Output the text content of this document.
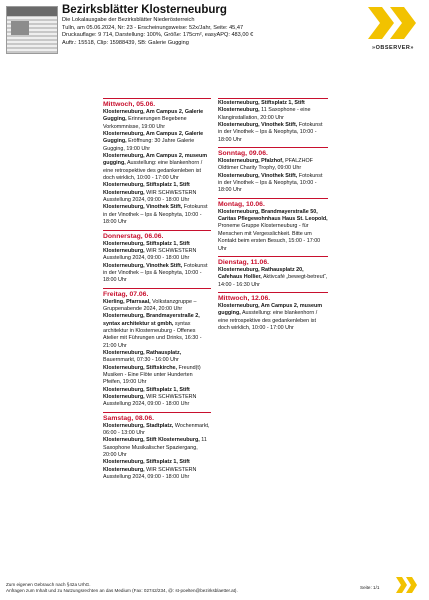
Bezirksblätter Klosterneuburg
Die Lokalausgabe der Bezirksblätter Niederösterreich
Tulln, am 05.06.2024, Nr: 23 - Erscheinungsweise: 52x/Jahr, Seite: 45,47
Druckauflage: 9 714, Darstellung: 100%, Größe: 175cm², easyAPQ: 483,00 €
Auftr.: 15518, Clip: 15988439, SB: Galerie Gugging
»OBSERVER»
Mittwoch, 05.06.

Klosterneuburg, Am Campus 2, Galerie Gugging, Erinnerungen Begebene Vorkommnisse, 19:00 Uhr

Klosterneuburg, Am Campus 2, Galerie Gugging, Eröffnung: 30 Jahre Galerie Gugging, 19:00 Uhr

Klosterneuburg, Am Campus 2, museum gugging, Ausstellung: eine blankenhorn / eine retrospektive des gedankenleben ist doch wirklich, 10:00 - 17:00 Uhr

Klosterneuburg, Stiftsplatz 1, Stift Klosterneuburg, WIR SCHWESTERN Ausstellung 2024, 09:00 - 18:00 Uhr

Klosterneuburg, Vinothek Stift, Fotokunst in der Vinothek – Ips & Neophyta, 10:00 - 18:00 Uhr

Donnerstag, 06.06.

Klosterneuburg, Stiftsplatz 1, Stift Klosterneuburg, WIR SCHWESTERN Ausstellung 2024, 09:00 - 18:00 Uhr

Klosterneuburg, Vinothek Stift, Fotokunst in der Vinothek – Ips & Neophyta, 10:00 - 18:00 Uhr

Freitag, 07.06.

Kierling, Pfarrsaal, Volkstanzgruppe – Gruppenabende 2024, 20:00 Uhr

Klosterneuburg, Brandmayerstraße 2, syntax architektur st gmbh, syntax architektur in Klosterneuburg - Offenes Atelier mit Führungen und Drinks, 16:30 - 21:00 Uhr

Klosterneuburg, Rathausplatz, Bauernmarkt, 07:30 - 16:00 Uhr

Klosterneuburg, Stiftskirche, Freund(t) Musiken - Eine Flöte unter Hunderten Pfeifen, 19:00 Uhr

Klosterneuburg, Stiftsplatz 1, Stift Klosterneuburg, WIR SCHWESTERN Ausstellung 2024, 09:00 - 18:00 Uhr

Samstag, 08.06.

Klosterneuburg, Stadtplatz, Wochenmarkt, 06:00 - 13:00 Uhr

Klosterneuburg, Stift Klosterneuburg, 11 Saxophone Musikalischer Spaziergang, 20:00 Uhr

Klosterneuburg, Stiftsplatz 1, Stift Klosterneuburg, WIR SCHWESTERN Ausstellung 2024, 09:00 - 18:00 Uhr

Klosterneuburg, Stiftsplatz 1, Stift Klosterneuburg, 11 Saxophone - eine Klanginstallation, 20:00 Uhr

Klosterneuburg, Vinothek Stift, Fotokunst in der Vinothek – Ips & Neophyta, 10:00 - 18:00 Uhr

Sonntag, 09.06.

Klosterneuburg, Pfalzhof, PFALZHOF Oldtimer Charity Trophy, 09:00 Uhr

Klosterneuburg, Vinothek Stift, Fotokunst in der Vinothek – Ips & Neophyta, 10:00 - 18:00 Uhr

Montag, 10.06.

Klosterneuburg, Brandmayerstraße 50, Caritas Pflegewohnhaus Haus St. Leopold, Proneme Gruppe Klosterneuburg - für Menschen mit Vergesslichkeit. Bitte um Kontakt beim ersten Besuch, 15:00 - 17:00 Uhr

Dienstag, 11.06.

Klosterneuburg, Rathausplatz 20, Cafehaus Hollier, Aktivcafé „bewegt-betreut“, 14:00 - 16:30 Uhr

Mittwoch, 12.06.

Klosterneuburg, Am Campus 2, museum gugging, Ausstellung: eine blankenhorn / eine retrospektive des gedankenleben ist doch wirklich, 10:00 - 17:00 Uhr

Zum eigenen Gebrauch nach §42a UrhG.
Anfragen zum Inhalt und zu Nutzungsrechten an das Medium (Fax: 02742/234, @: st-poelten@bezirksblaetter.at).
Seite: 1/1
